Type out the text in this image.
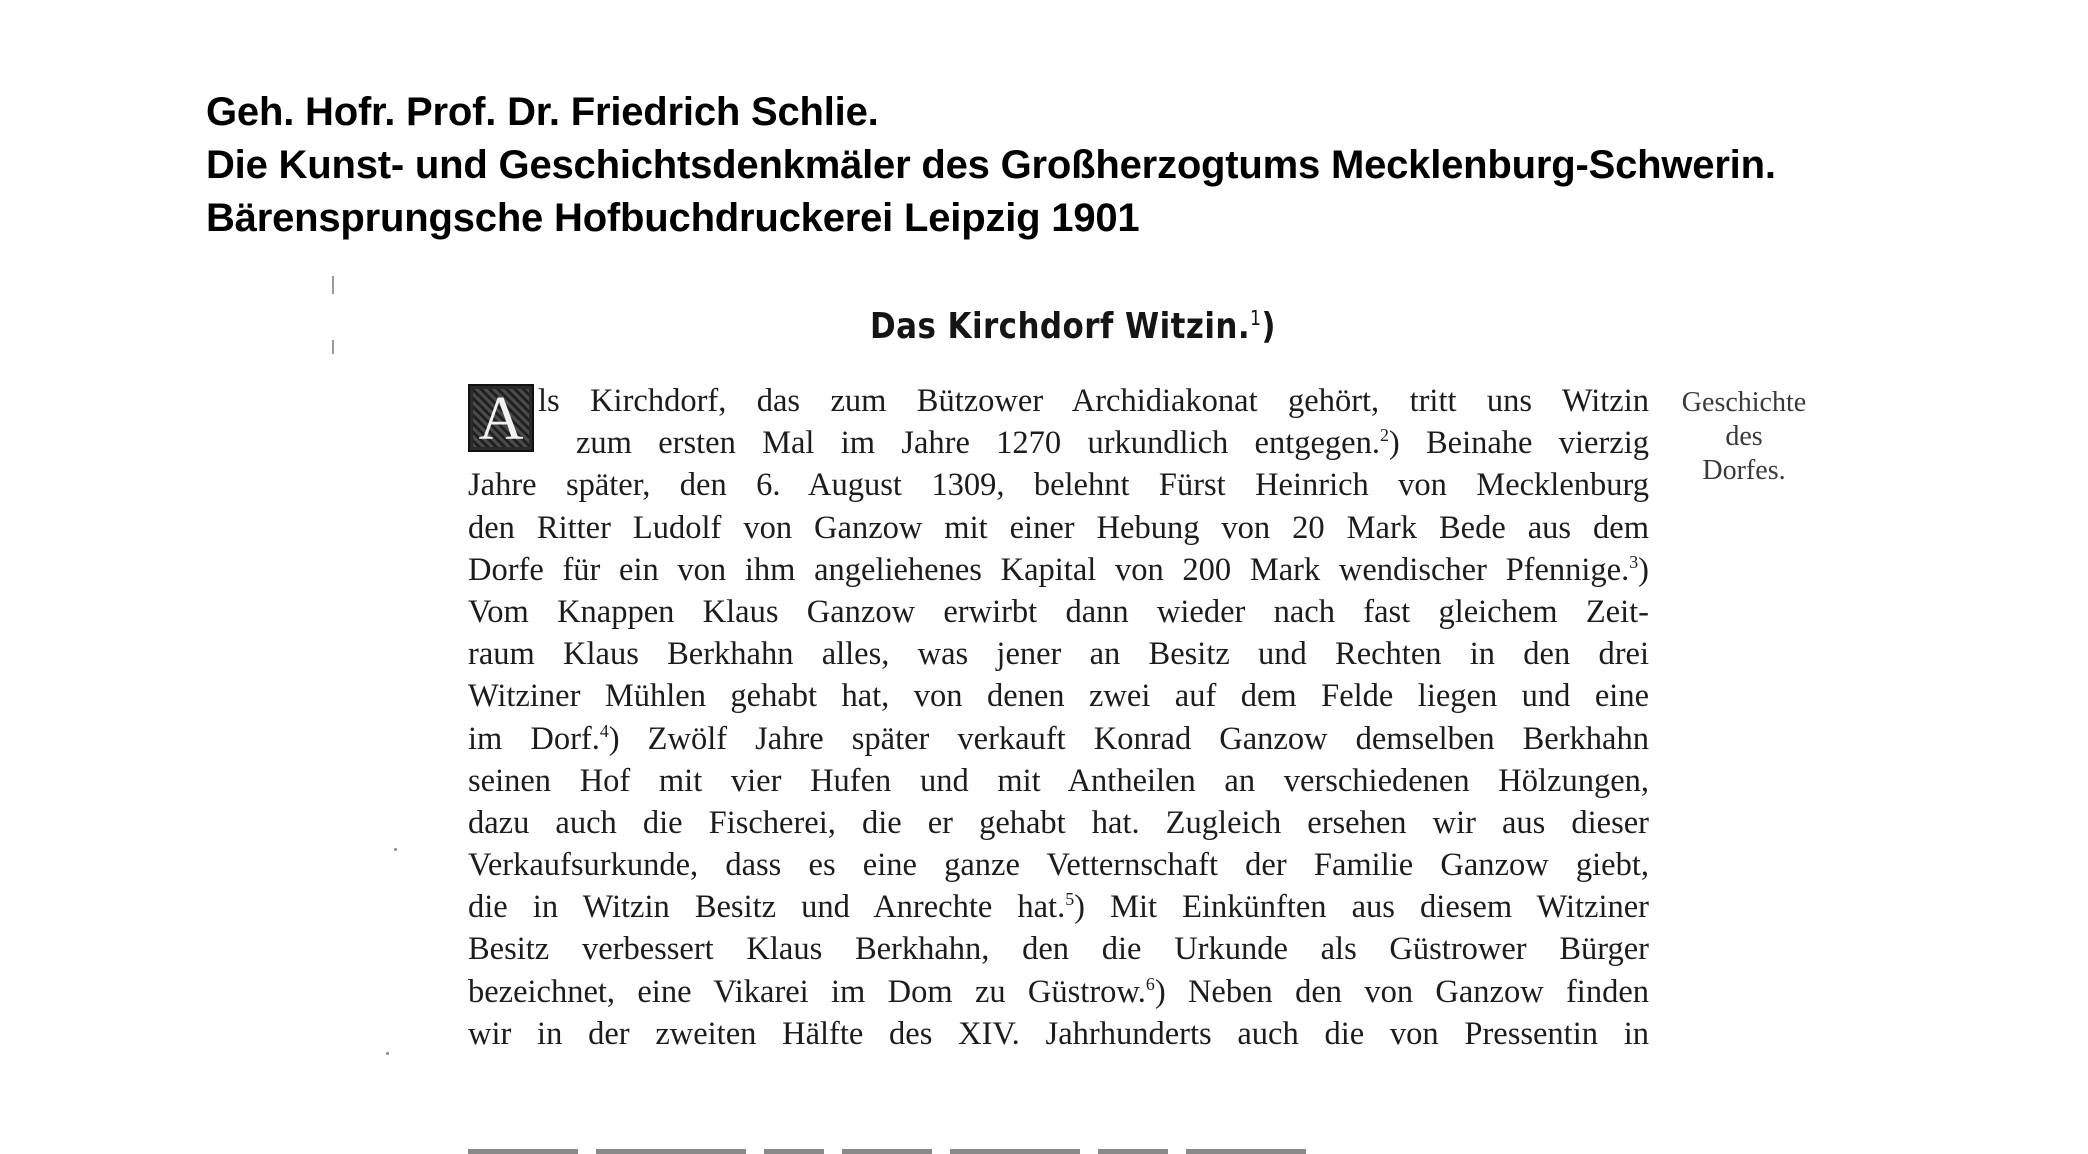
Geh. Hofr. Prof. Dr. Friedrich Schlie.
Die Kunst- und Geschichtsdenkmäler des Großherzogtums Mecklenburg-Schwerin.
Bärensprungsche Hofbuchdruckerei Leipzig 1901
Das Kirchdorf Witzin.$^1$)
A ls Kirchdorf, das zum Bützower Archidiakonat gehört, tritt uns Witzin
zum ersten Mal im Jahre 1270 urkundlich entgegen.$^2$) Beinahe vierzig
Jahre später, den 6. August 1309, belehnt Fürst Heinrich von Mecklenburg
den Ritter Ludolf von Ganzow mit einer Hebung von 20 Mark Bede aus dem
Dorfe für ein von ihm angeliehenes Kapital von 200 Mark wendischer Pfennige.$^3$)
Vom Knappen Klaus Ganzow erwirbt dann wieder nach fast gleichem Zeit-
raum Klaus Berkhahn alles, was jener an Besitz und Rechten in den drei
Witziner Mühlen gehabt hat, von denen zwei auf dem Felde liegen und eine
im Dorf.$^4$) Zwölf Jahre später verkauft Konrad Ganzow demselben Berkhahn
seinen Hof mit vier Hufen und mit Antheilen an verschiedenen Hölzungen,
dazu auch die Fischerei, die er gehabt hat. Zugleich ersehen wir aus dieser
Verkaufsurkunde, dass es eine ganze Vetternschaft der Familie Ganzow giebt,
die in Witzin Besitz und Anrechte hat.$^5$) Mit Einkünften aus diesem Witziner
Besitz verbessert Klaus Berkhahn, den die Urkunde als Güstrower Bürger
bezeichnet, eine Vikarei im Dom zu Güstrow.$^6$) Neben den von Ganzow finden
wir in der zweiten Hälfte des XIV. Jahrhunderts auch die von Pressentin in
Geschichte
des
Dorfes.
